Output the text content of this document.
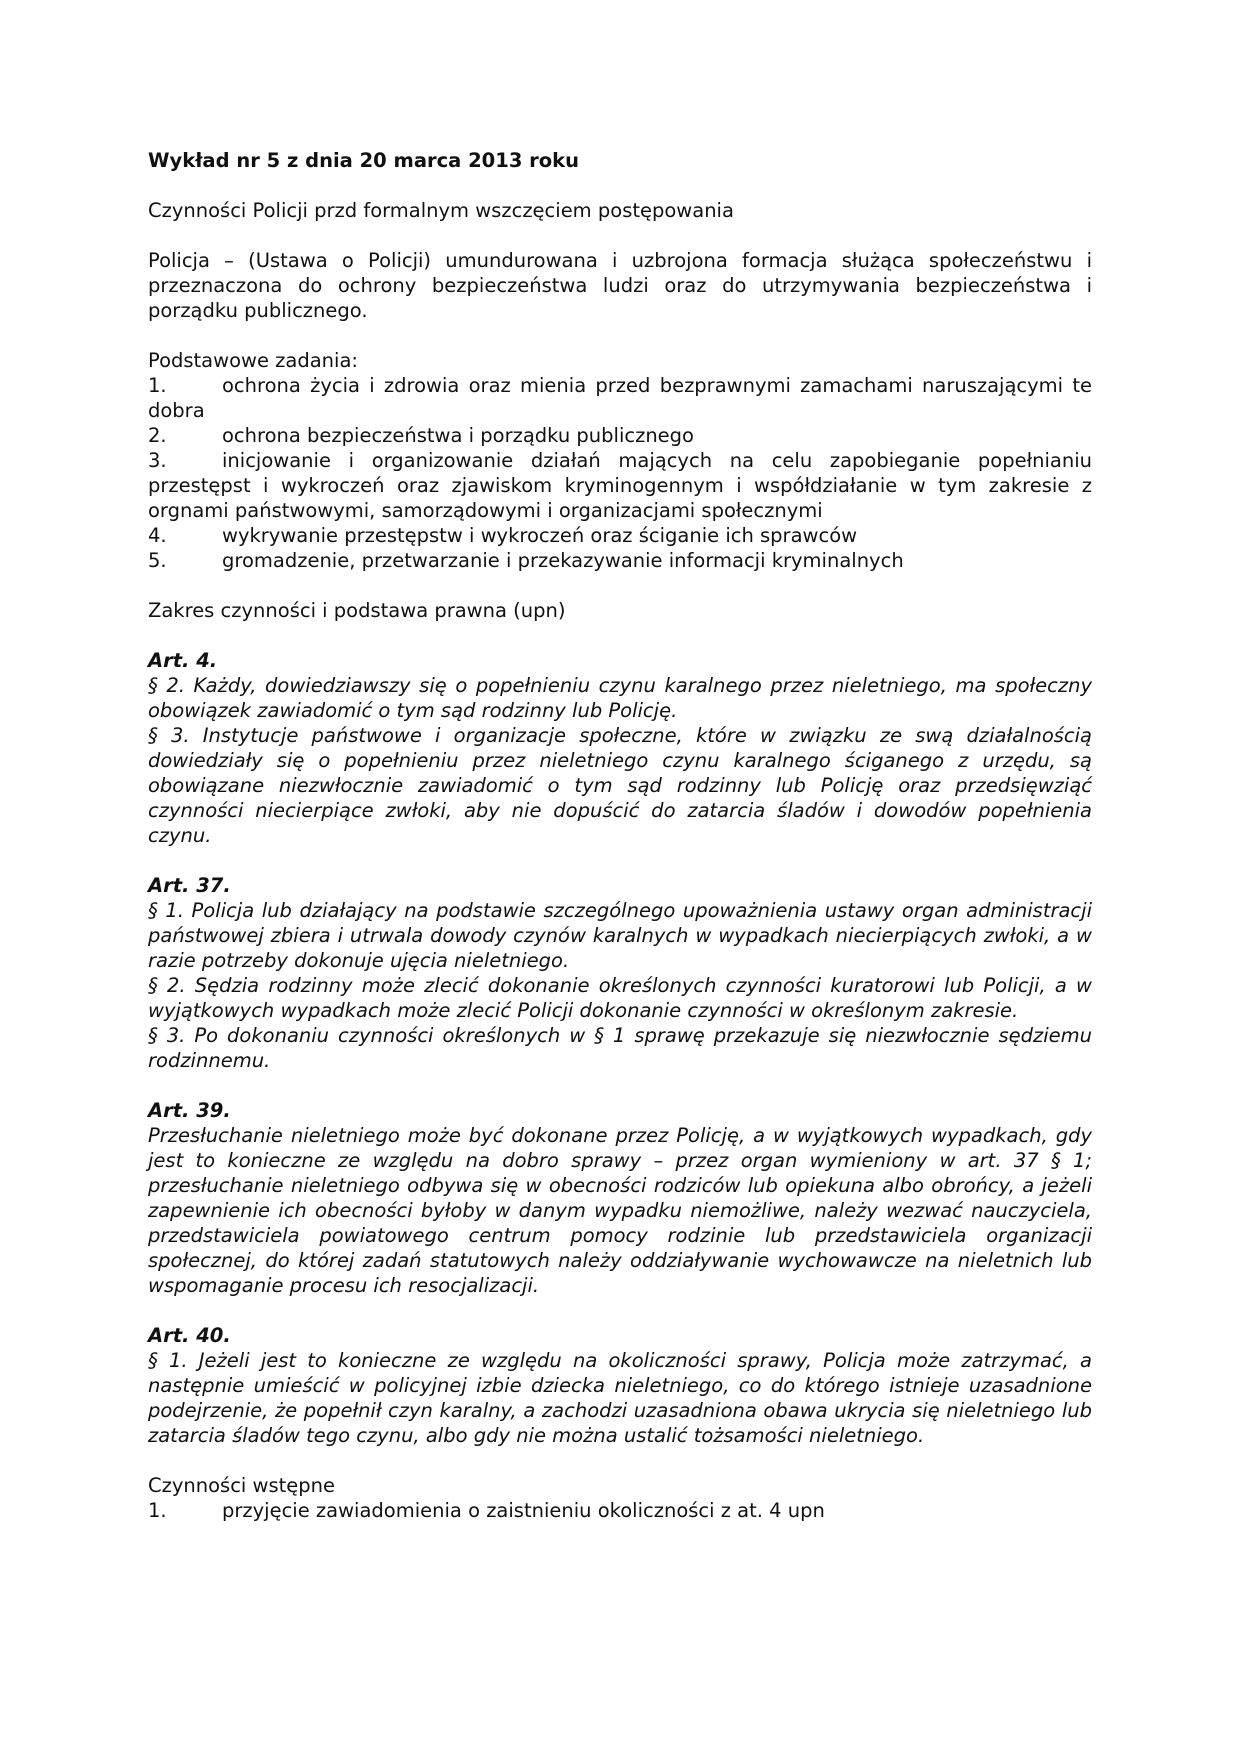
Wykład nr 5 z dnia 20 marca 2013 roku

Czynności Policji przd formalnym wszczęciem postępowania

Policja – (Ustawa o Policji) umundurowana i uzbrojona formacja służąca społeczeństwu i przeznaczona do ochrony bezpieczeństwa ludzi oraz do utrzymywania bezpieczeństwa i porządku publicznego.

Podstawowe zadania:

1.	ochrona życia i zdrowia oraz mienia przed bezprawnymi zamachami naruszającymi te dobra
2.	ochrona bezpieczeństwa i porządku publicznego
3.	inicjowanie i organizowanie działań mających na celu zapobieganie popełnianiu przestępst i wykroczeń oraz zjawiskom kryminogennym i współdziałanie w tym zakresie z orgnami państwowymi, samorządowymi i organizacjami społecznymi
4.	wykrywanie przestępstw i wykroczeń oraz ściganie ich sprawców
5.	gromadzenie, przetwarzanie i przekazywanie informacji kryminalnych

Zakres czynności i podstawa prawna (upn)

Art. 4.

§ 2. Każdy, dowiedziawszy się o popełnieniu czynu karalnego przez nieletniego, ma społeczny obowiązek zawiadomić o tym sąd rodzinny lub Policję.

§ 3. Instytucje państwowe i organizacje społeczne, które w związku ze swą działalnością dowiedziały się o popełnieniu przez nieletniego czynu karalnego ściganego z urzędu, są obowiązane niezwłocznie zawiadomić o tym sąd rodzinny lub Policję oraz przedsięwziąć czynności niecierpiące zwłoki, aby nie dopuścić do zatarcia śladów i dowodów popełnienia czynu.

Art. 37.

§ 1. Policja lub działający na podstawie szczególnego upoważnienia ustawy organ administracji państwowej zbiera i utrwala dowody czynów karalnych w wypadkach niecierpiących zwłoki, a w razie potrzeby dokonuje ujęcia nieletniego.

§ 2. Sędzia rodzinny może zlecić dokonanie określonych czynności kuratorowi lub Policji, a w wyjątkowych wypadkach może zlecić Policji dokonanie czynności w określonym zakresie.

§ 3. Po dokonaniu czynności określonych w § 1 sprawę przekazuje się niezwłocznie sędziemu rodzinnemu.

Art. 39.

Przesłuchanie nieletniego może być dokonane przez Policję, a w wyjątkowych wypadkach, gdy jest to konieczne ze względu na dobro sprawy – przez organ wymieniony w art. 37 § 1; przesłuchanie nieletniego odbywa się w obecności rodziców lub opiekuna albo obrońcy, a jeżeli zapewnienie ich obecności byłoby w danym wypadku niemożliwe, należy wezwać nauczyciela, przedstawiciela powiatowego centrum pomocy rodzinie lub przedstawiciela organizacji społecznej, do której zadań statutowych należy oddziaływanie wychowawcze na nieletnich lub wspomaganie procesu ich resocjalizacji.

Art. 40.

§ 1. Jeżeli jest to konieczne ze względu na okoliczności sprawy, Policja może zatrzymać, a następnie umieścić w policyjnej izbie dziecka nieletniego, co do którego istnieje uzasadnione podejrzenie, że popełnił czyn karalny, a zachodzi uzasadniona obawa ukrycia się nieletniego lub zatarcia śladów tego czynu, albo gdy nie można ustalić tożsamości nieletniego.

Czynności wstępne

1.	przyjęcie zawiadomienia o zaistnieniu okoliczności z at. 4 upn
